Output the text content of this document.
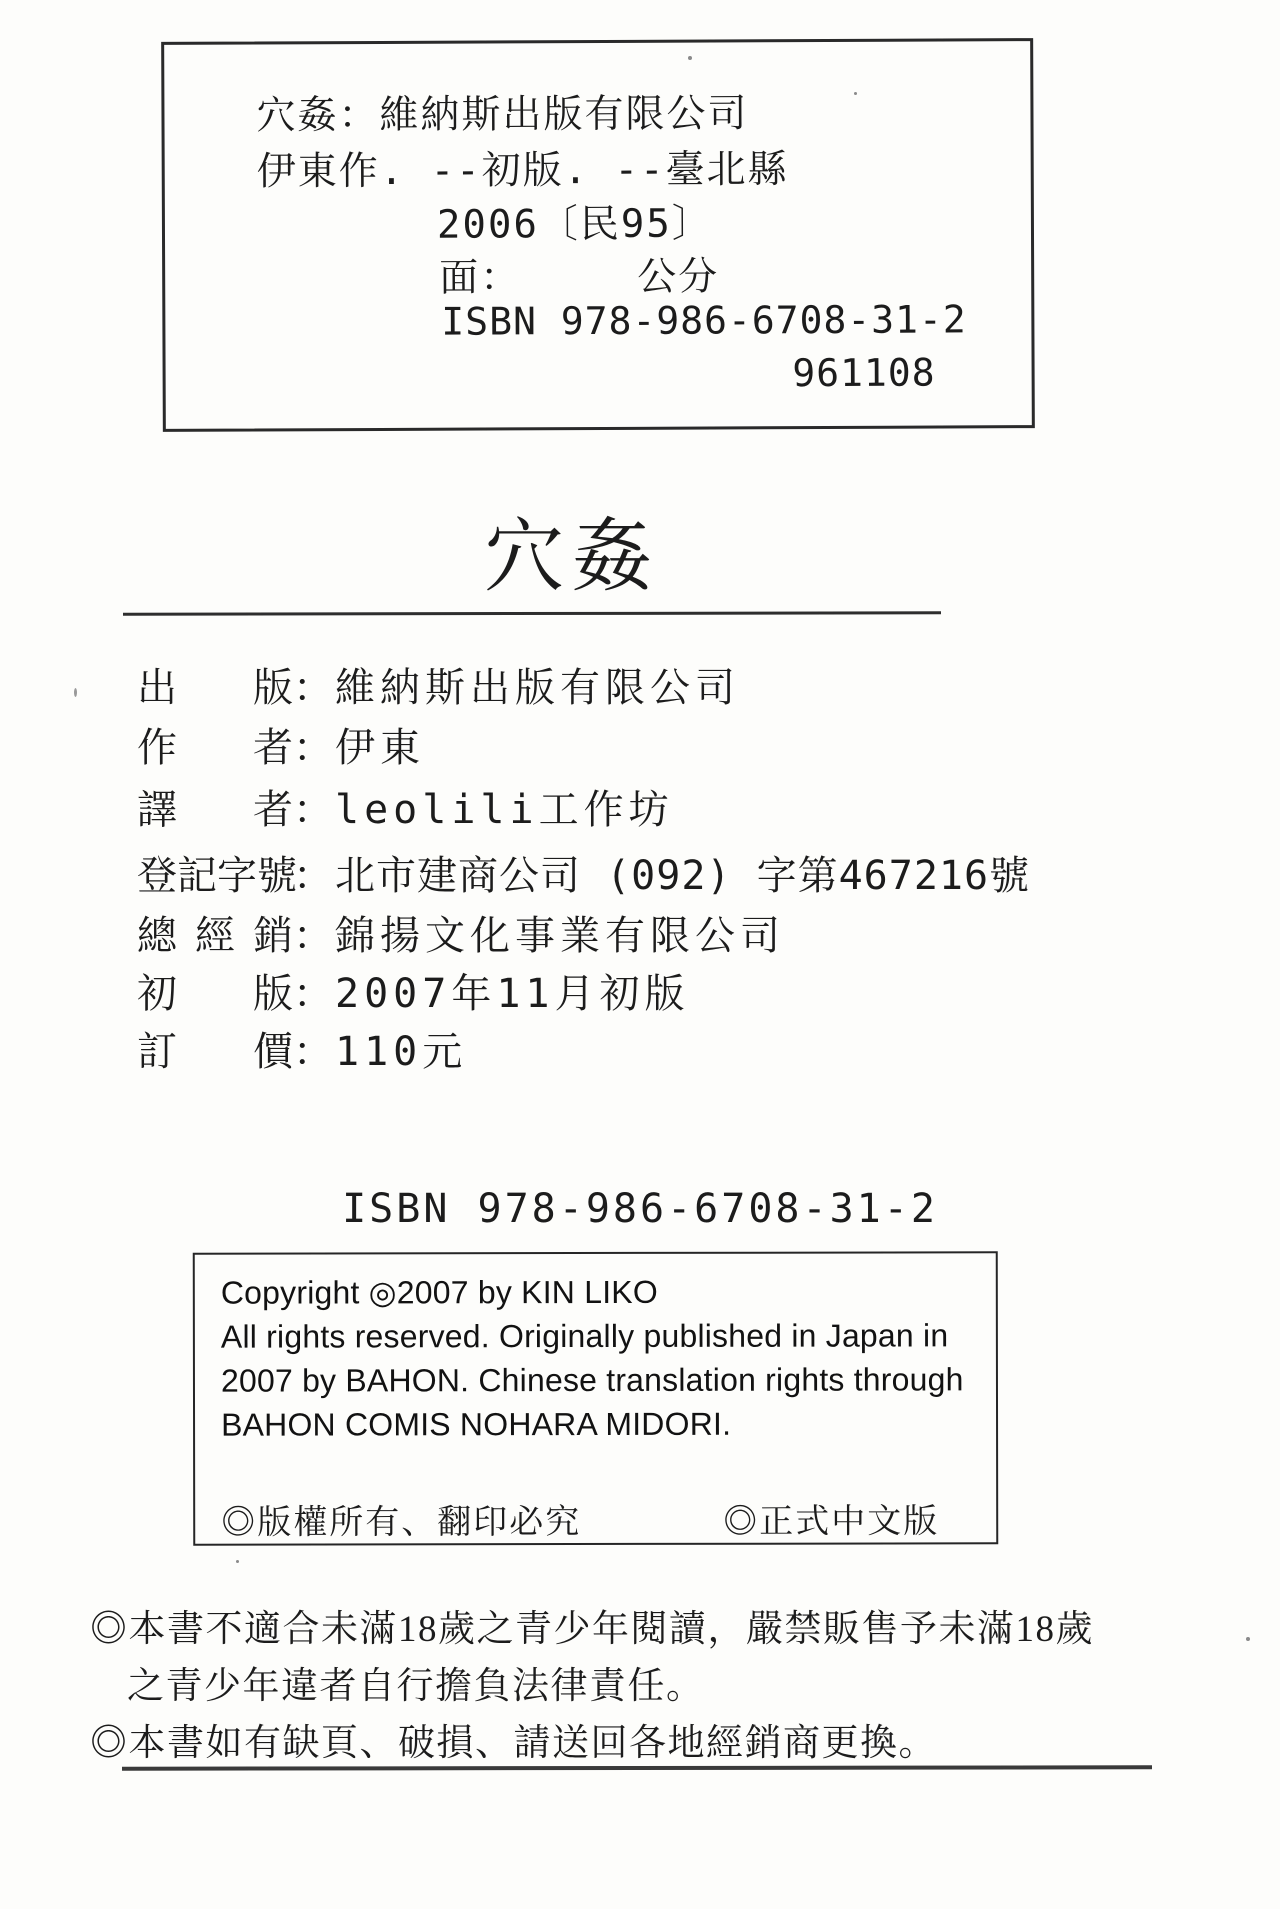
穴姦：維納斯出版有限公司
伊東作. --初版. --臺北縣
2006〔民95〕
面：	公分
ISBN 978-986-6708-31-2
961108
穴姦
出版：維納斯出版有限公司
作者：伊東
譯者：leolili工作坊
登記字號：北市建商公司 (092) 字第467216號
總經銷：錦揚文化事業有限公司
初版：2007年11月初版
訂價：110元
ISBN 978-986-6708-31-2
Copyright ◎2007 by KIN LIKO
All rights reserved. Originally published in Japan in
2007 by BAHON. Chinese translation rights through
BAHON COMIS NOHARA MIDORI.
◎版權所有、翻印必究	◎正式中文版
◎本書不適合未滿18歲之青少年閱讀，嚴禁販售予未滿18歲
之青少年違者自行擔負法律責任。
◎本書如有缺頁、破損、請送回各地經銷商更換。
